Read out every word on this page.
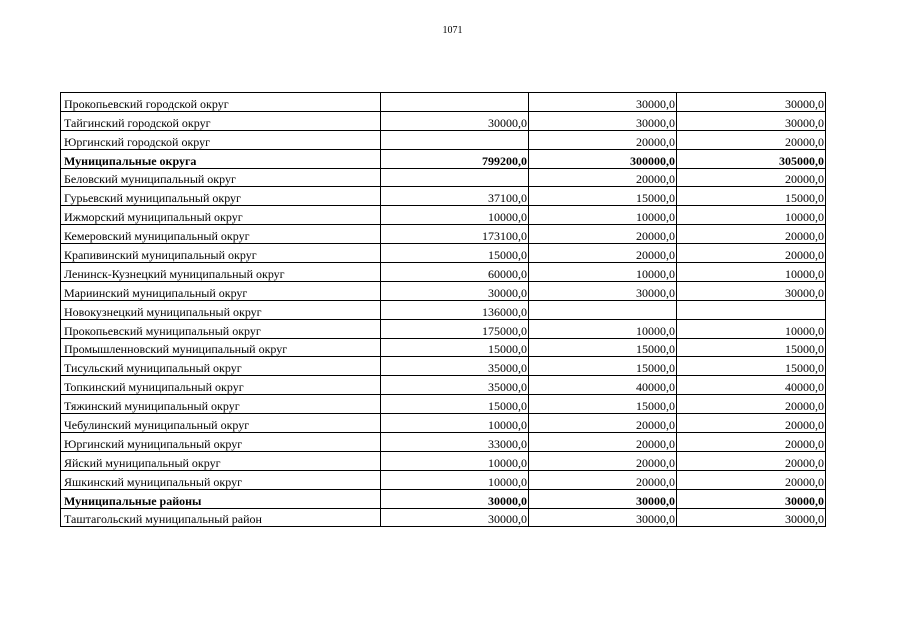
1071
Прокопьевский городской округ		30000,0	30000,0
Тайгинский городской округ	30000,0	30000,0	30000,0
Юргинский городской округ		20000,0	20000,0
Муниципальные округа	799200,0	300000,0	305000,0
Беловский муниципальный округ		20000,0	20000,0
Гурьевский муниципальный округ	37100,0	15000,0	15000,0
Ижморский муниципальный округ	10000,0	10000,0	10000,0
Кемеровский муниципальный округ	173100,0	20000,0	20000,0
Крапивинский муниципальный округ	15000,0	20000,0	20000,0
Ленинск-Кузнецкий муниципальный округ	60000,0	10000,0	10000,0
Мариинский муниципальный округ	30000,0	30000,0	30000,0
Новокузнецкий муниципальный округ	136000,0		
Прокопьевский муниципальный округ	175000,0	10000,0	10000,0
Промышленновский муниципальный округ	15000,0	15000,0	15000,0
Тисульский муниципальный округ	35000,0	15000,0	15000,0
Топкинский муниципальный округ	35000,0	40000,0	40000,0
Тяжинский муниципальный округ	15000,0	15000,0	20000,0
Чебулинский муниципальный округ	10000,0	20000,0	20000,0
Юргинский муниципальный округ	33000,0	20000,0	20000,0
Яйский муниципальный округ	10000,0	20000,0	20000,0
Яшкинский муниципальный округ	10000,0	20000,0	20000,0
Муниципальные районы	30000,0	30000,0	30000,0
Таштагольский муниципальный район	30000,0	30000,0	30000,0
